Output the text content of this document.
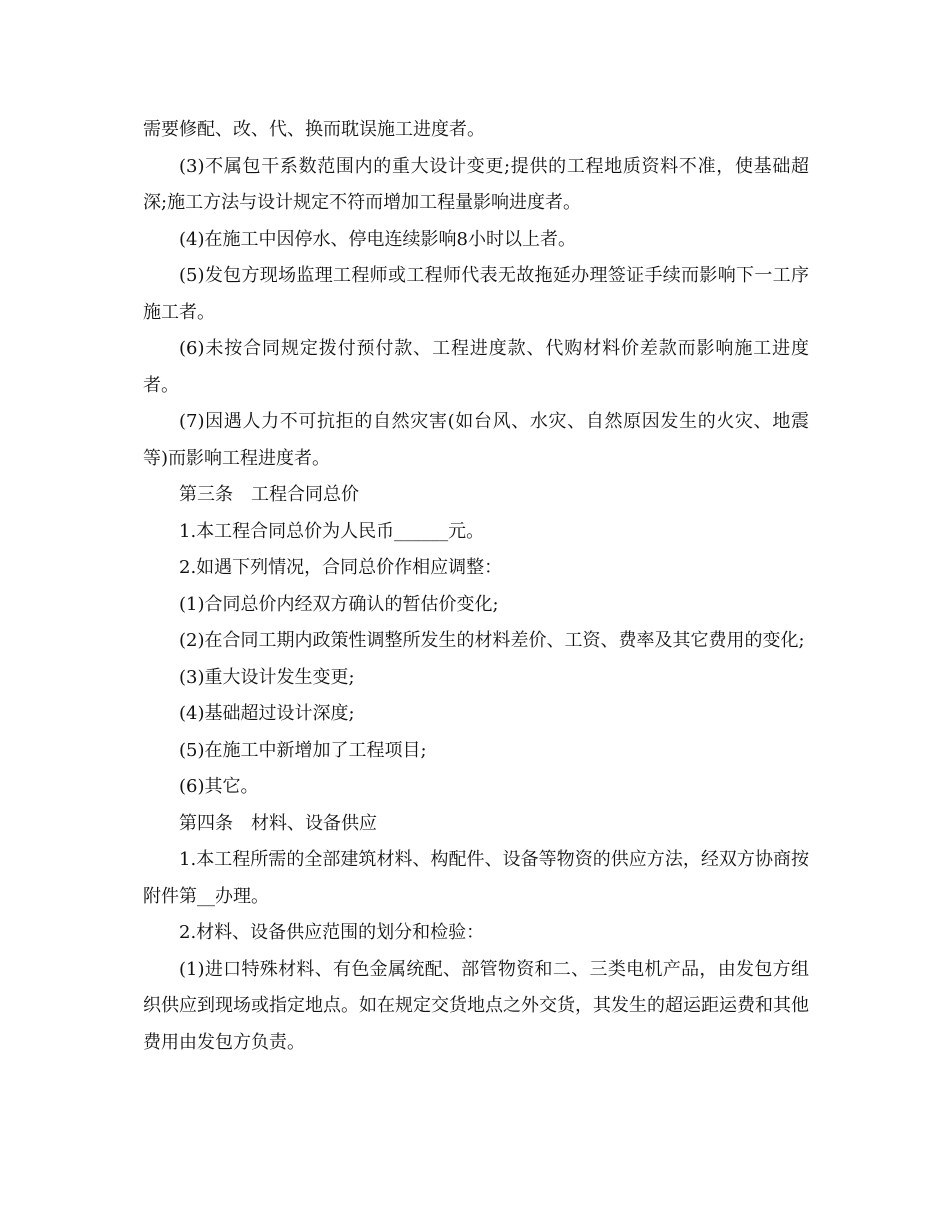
需要修配、改、代、换而耽误施工进度者。

(3)不属包干系数范围内的重大设计变更;提供的工程地质资料不准，使基础超深;施工方法与设计规定不符而增加工程量影响进度者。

(4)在施工中因停水、停电连续影响8小时以上者。

(5)发包方现场监理工程师或工程师代表无故拖延办理签证手续而影响下一工序施工者。

(6)未按合同规定拨付预付款、工程进度款、代购材料价差款而影响施工进度者。

(7)因遇人力不可抗拒的自然灾害(如台风、水灾、自然原因发生的火灾、地震等)而影响工程进度者。

第三条　工程合同总价

1.本工程合同总价为人民币______元。

2.如遇下列情况，合同总价作相应调整：

(1)合同总价内经双方确认的暂估价变化;

(2)在合同工期内政策性调整所发生的材料差价、工资、费率及其它费用的变化;

(3)重大设计发生变更;

(4)基础超过设计深度;

(5)在施工中新增加了工程项目;

(6)其它。

第四条　材料、设备供应

1.本工程所需的全部建筑材料、构配件、设备等物资的供应方法，经双方协商按附件第__办理。

2.材料、设备供应范围的划分和检验：

(1)进口特殊材料、有色金属统配、部管物资和二、三类电机产品，由发包方组织供应到现场或指定地点。如在规定交货地点之外交货，其发生的超运距运费和其他费用由发包方负责。
